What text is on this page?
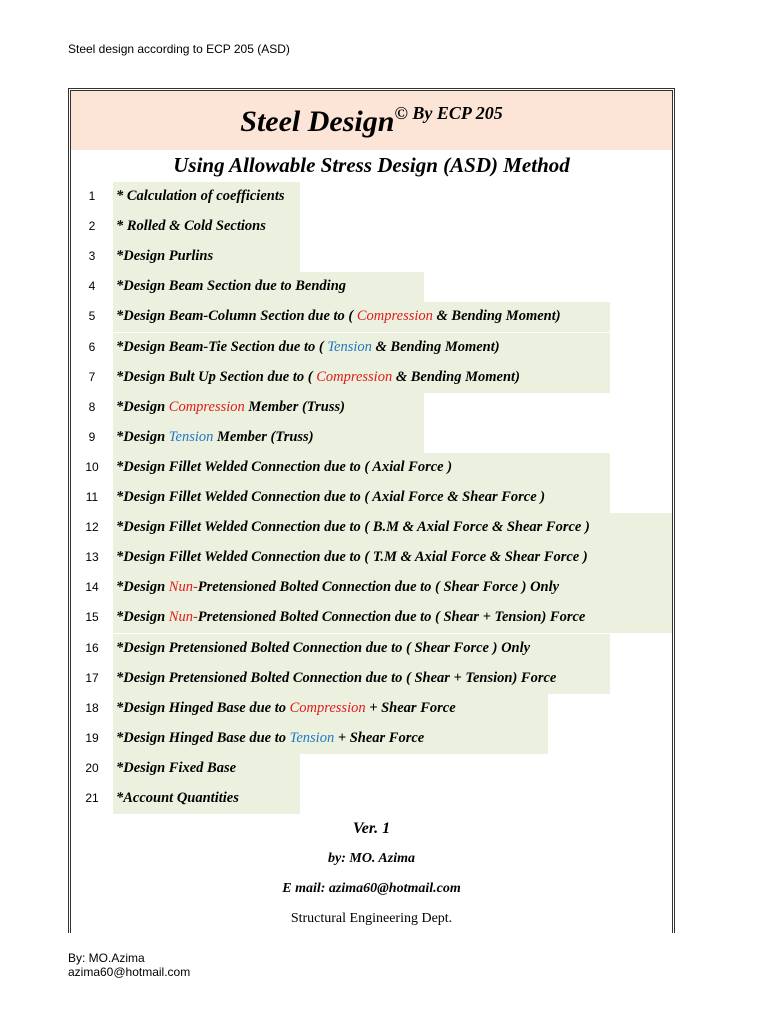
Steel design according to ECP 205 (ASD)
Steel Design© By ECP 205
Using Allowable Stress Design (ASD) Method
1	* Calculation of coefficients
2	* Rolled & Cold Sections
3	*Design Purlins
4	*Design Beam Section due to Bending
5	*Design Beam-Column Section due to ( Compression & Bending Moment)
6	*Design Beam-Tie Section due to ( Tension & Bending Moment)
7	*Design Bult Up Section due to ( Compression & Bending Moment)
8	*Design Compression Member (Truss)
9	*Design Tension Member (Truss)
10	*Design Fillet Welded Connection due to ( Axial Force )
11	*Design Fillet Welded Connection due to ( Axial Force & Shear Force )
12	*Design Fillet Welded Connection due to ( B.M & Axial Force & Shear Force )
13	*Design Fillet Welded Connection due to ( T.M & Axial Force & Shear Force )
14	*Design Nun-Pretensioned Bolted Connection due to ( Shear Force ) Only
15	*Design Nun-Pretensioned Bolted Connection due to ( Shear + Tension) Force
16	*Design Pretensioned Bolted Connection due to ( Shear Force ) Only
17	*Design Pretensioned Bolted Connection due to ( Shear + Tension) Force
18	*Design Hinged Base due to Compression + Shear Force
19	*Design Hinged Base due to Tension + Shear Force
20	*Design Fixed Base
21	*Account Quantities
Ver. 1
by: MO. Azima
E mail: azima60@hotmail.com
Structural Engineering Dept.
By: MO.Azima
azima60@hotmail.com
